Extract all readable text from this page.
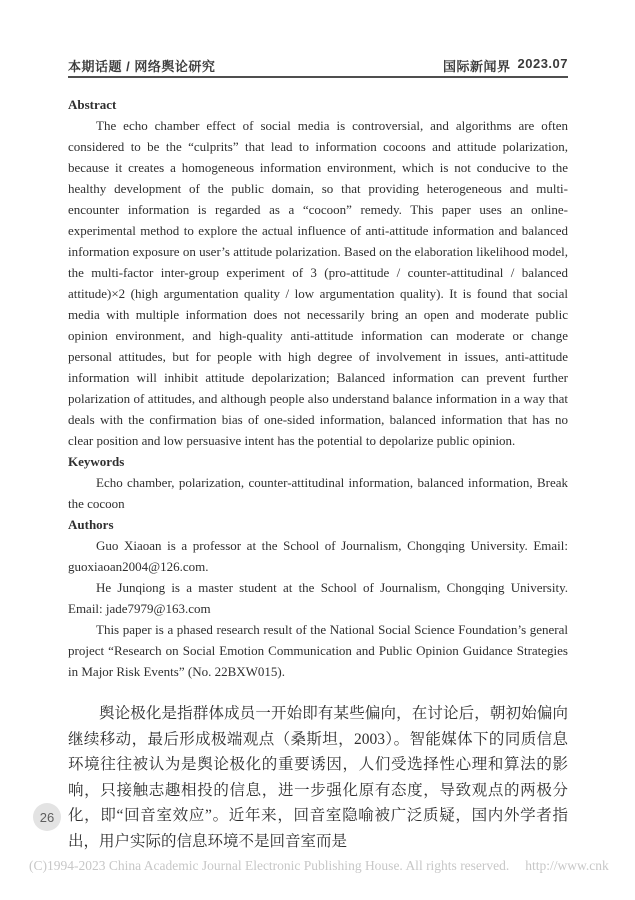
本期话题 / 网络舆论研究	国际新闻界 2023.07
Abstract

The echo chamber effect of social media is controversial, and algorithms are often considered to be the “culprits” that lead to information cocoons and attitude polarization, because it creates a homogeneous information environment, which is not conducive to the healthy development of the public domain, so that providing heterogeneous and multi-encounter information is regarded as a “cocoon” remedy. This paper uses an online-experimental method to explore the actual influence of anti-attitude information and balanced information exposure on user’s attitude polarization. Based on the elaboration likelihood model, the multi-factor inter-group experiment of 3 (pro-attitude / counter-attitudinal / balanced attitude)×2 (high argumentation quality / low argumentation quality). It is found that social media with multiple information does not necessarily bring an open and moderate public opinion environment, and high-quality anti-attitude information can moderate or change personal attitudes, but for people with high degree of involvement in issues, anti-attitude information will inhibit attitude depolarization; Balanced information can prevent further polarization of attitudes, and although people also understand balance information in a way that deals with the confirmation bias of one-sided information, balanced information that has no clear position and low persuasive intent has the potential to depolarize public opinion.

Keywords

Echo chamber, polarization, counter-attitudinal information, balanced information, Break the cocoon

Authors

Guo Xiaoan is a professor at the School of Journalism, Chongqing University. Email: guoxiaoan2004@126.com.

He Junqiong is a master student at the School of Journalism, Chongqing University. Email: jade7979@163.com

This paper is a phased research result of the National Social Science Foundation’s general project “Research on Social Emotion Communication and Public Opinion Guidance Strategies in Major Risk Events” (No. 22BXW015).

舆论极化是指群体成员一开始即有某些偏向，在讨论后，朝初始偏向继续移动，最后形成极端观点（桑斯坦，2003）。智能媒体下的同质信息环境往往被认为是舆论极化的重要诱因，人们受选择性心理和算法的影响，只接触志趣相投的信息，进一步强化原有态度，导致观点的两极分化，即“回音室效应”。近年来，回音室隐喻被广泛质疑，国内外学者指出，用户实际的信息环境不是回音室而是

26
(C)1994-2023 China Academic Journal Electronic Publishing House. All rights reserved. http://www.cnk
